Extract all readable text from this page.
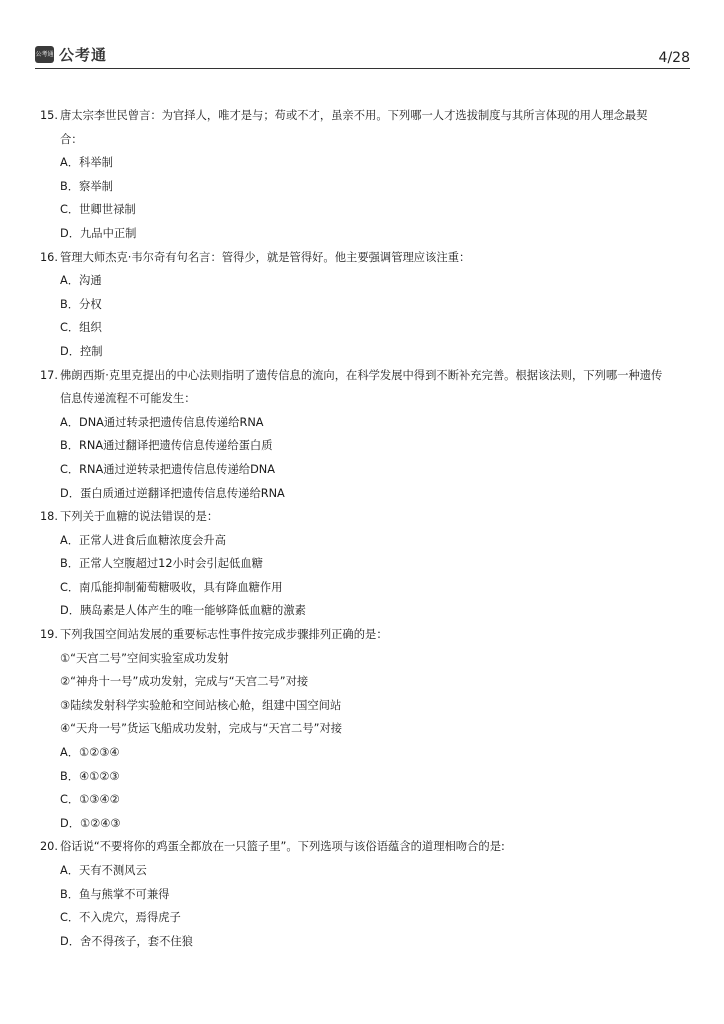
公考通 公考通	4/28
15. 唐太宗李世民曾言：为官择人，唯才是与；苟或不才，虽亲不用。下列哪一人才选拔制度与其所言体现的用人理念最契
合：
A．科举制
B．察举制
C．世卿世禄制
D．九品中正制
16. 管理大师杰克·韦尔奇有句名言：管得少，就是管得好。他主要强调管理应该注重：
A．沟通
B．分权
C．组织
D．控制
17. 佛朗西斯·克里克提出的中心法则指明了遗传信息的流向，在科学发展中得到不断补充完善。根据该法则，下列哪一种遗传
信息传递流程不可能发生：
A．DNA通过转录把遗传信息传递给RNA
B．RNA通过翻译把遗传信息传递给蛋白质
C．RNA通过逆转录把遗传信息传递给DNA
D．蛋白质通过逆翻译把遗传信息传递给RNA
18. 下列关于血糖的说法错误的是：
A．正常人进食后血糖浓度会升高
B．正常人空腹超过12小时会引起低血糖
C．南瓜能抑制葡萄糖吸收，具有降血糖作用
D．胰岛素是人体产生的唯一能够降低血糖的激素
19. 下列我国空间站发展的重要标志性事件按完成步骤排列正确的是：
①“天宫二号”空间实验室成功发射
②“神舟十一号”成功发射，完成与“天宫二号”对接
③陆续发射科学实验舱和空间站核心舱，组建中国空间站
④“天舟一号”货运飞船成功发射，完成与“天宫二号”对接
A．①②③④
B．④①②③
C．①③④②
D．①②④③
20. 俗话说“不要将你的鸡蛋全都放在一只篮子里”。下列选项与该俗语蕴含的道理相吻合的是:
A．天有不测风云
B．鱼与熊掌不可兼得
C．不入虎穴，焉得虎子
D．舍不得孩子，套不住狼
